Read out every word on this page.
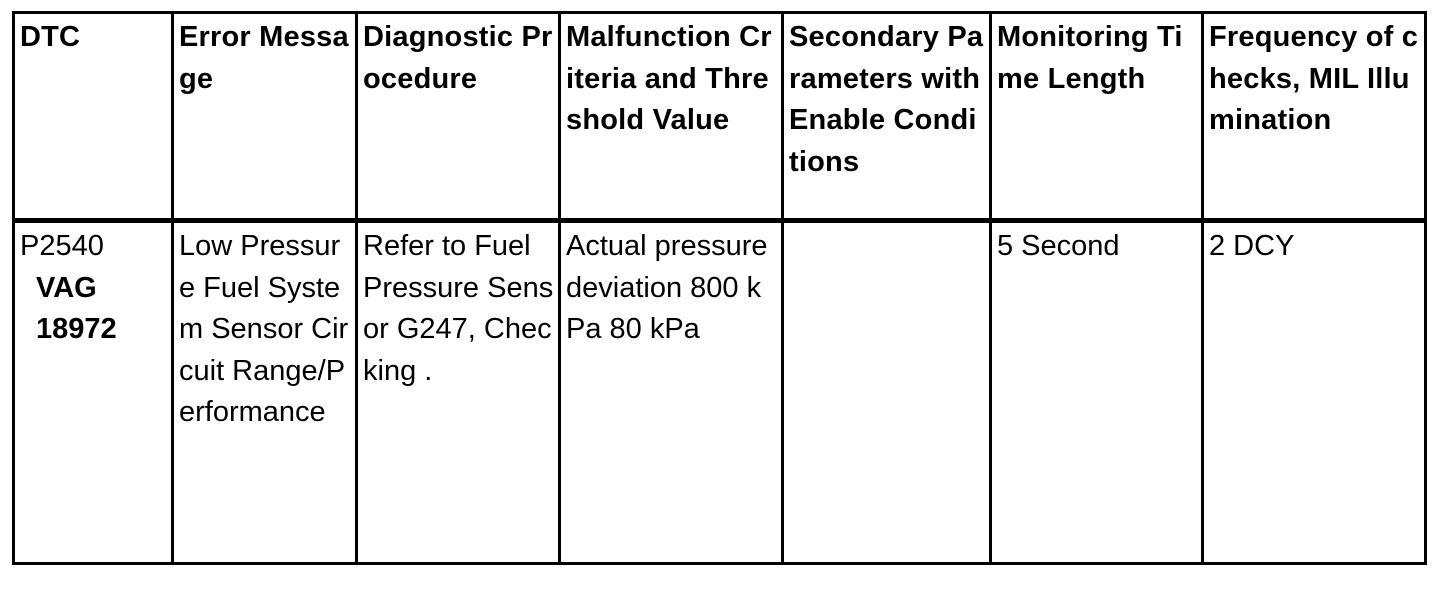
DTC	Error Message	Diagnostic Procedure	Malfunction Criteria and Threshold Value	Secondary Parameters with Enable Conditions	Monitoring Time Length	Frequency of checks, MIL Illumination
P2540
VAG
18972	Low Pressure Fuel System Sensor Circuit Range/Performance	Refer to Fuel Pressure Sensor G247, Checking .	Actual pressure deviation 800 kPa 80 kPa		5 Second	2 DCY
